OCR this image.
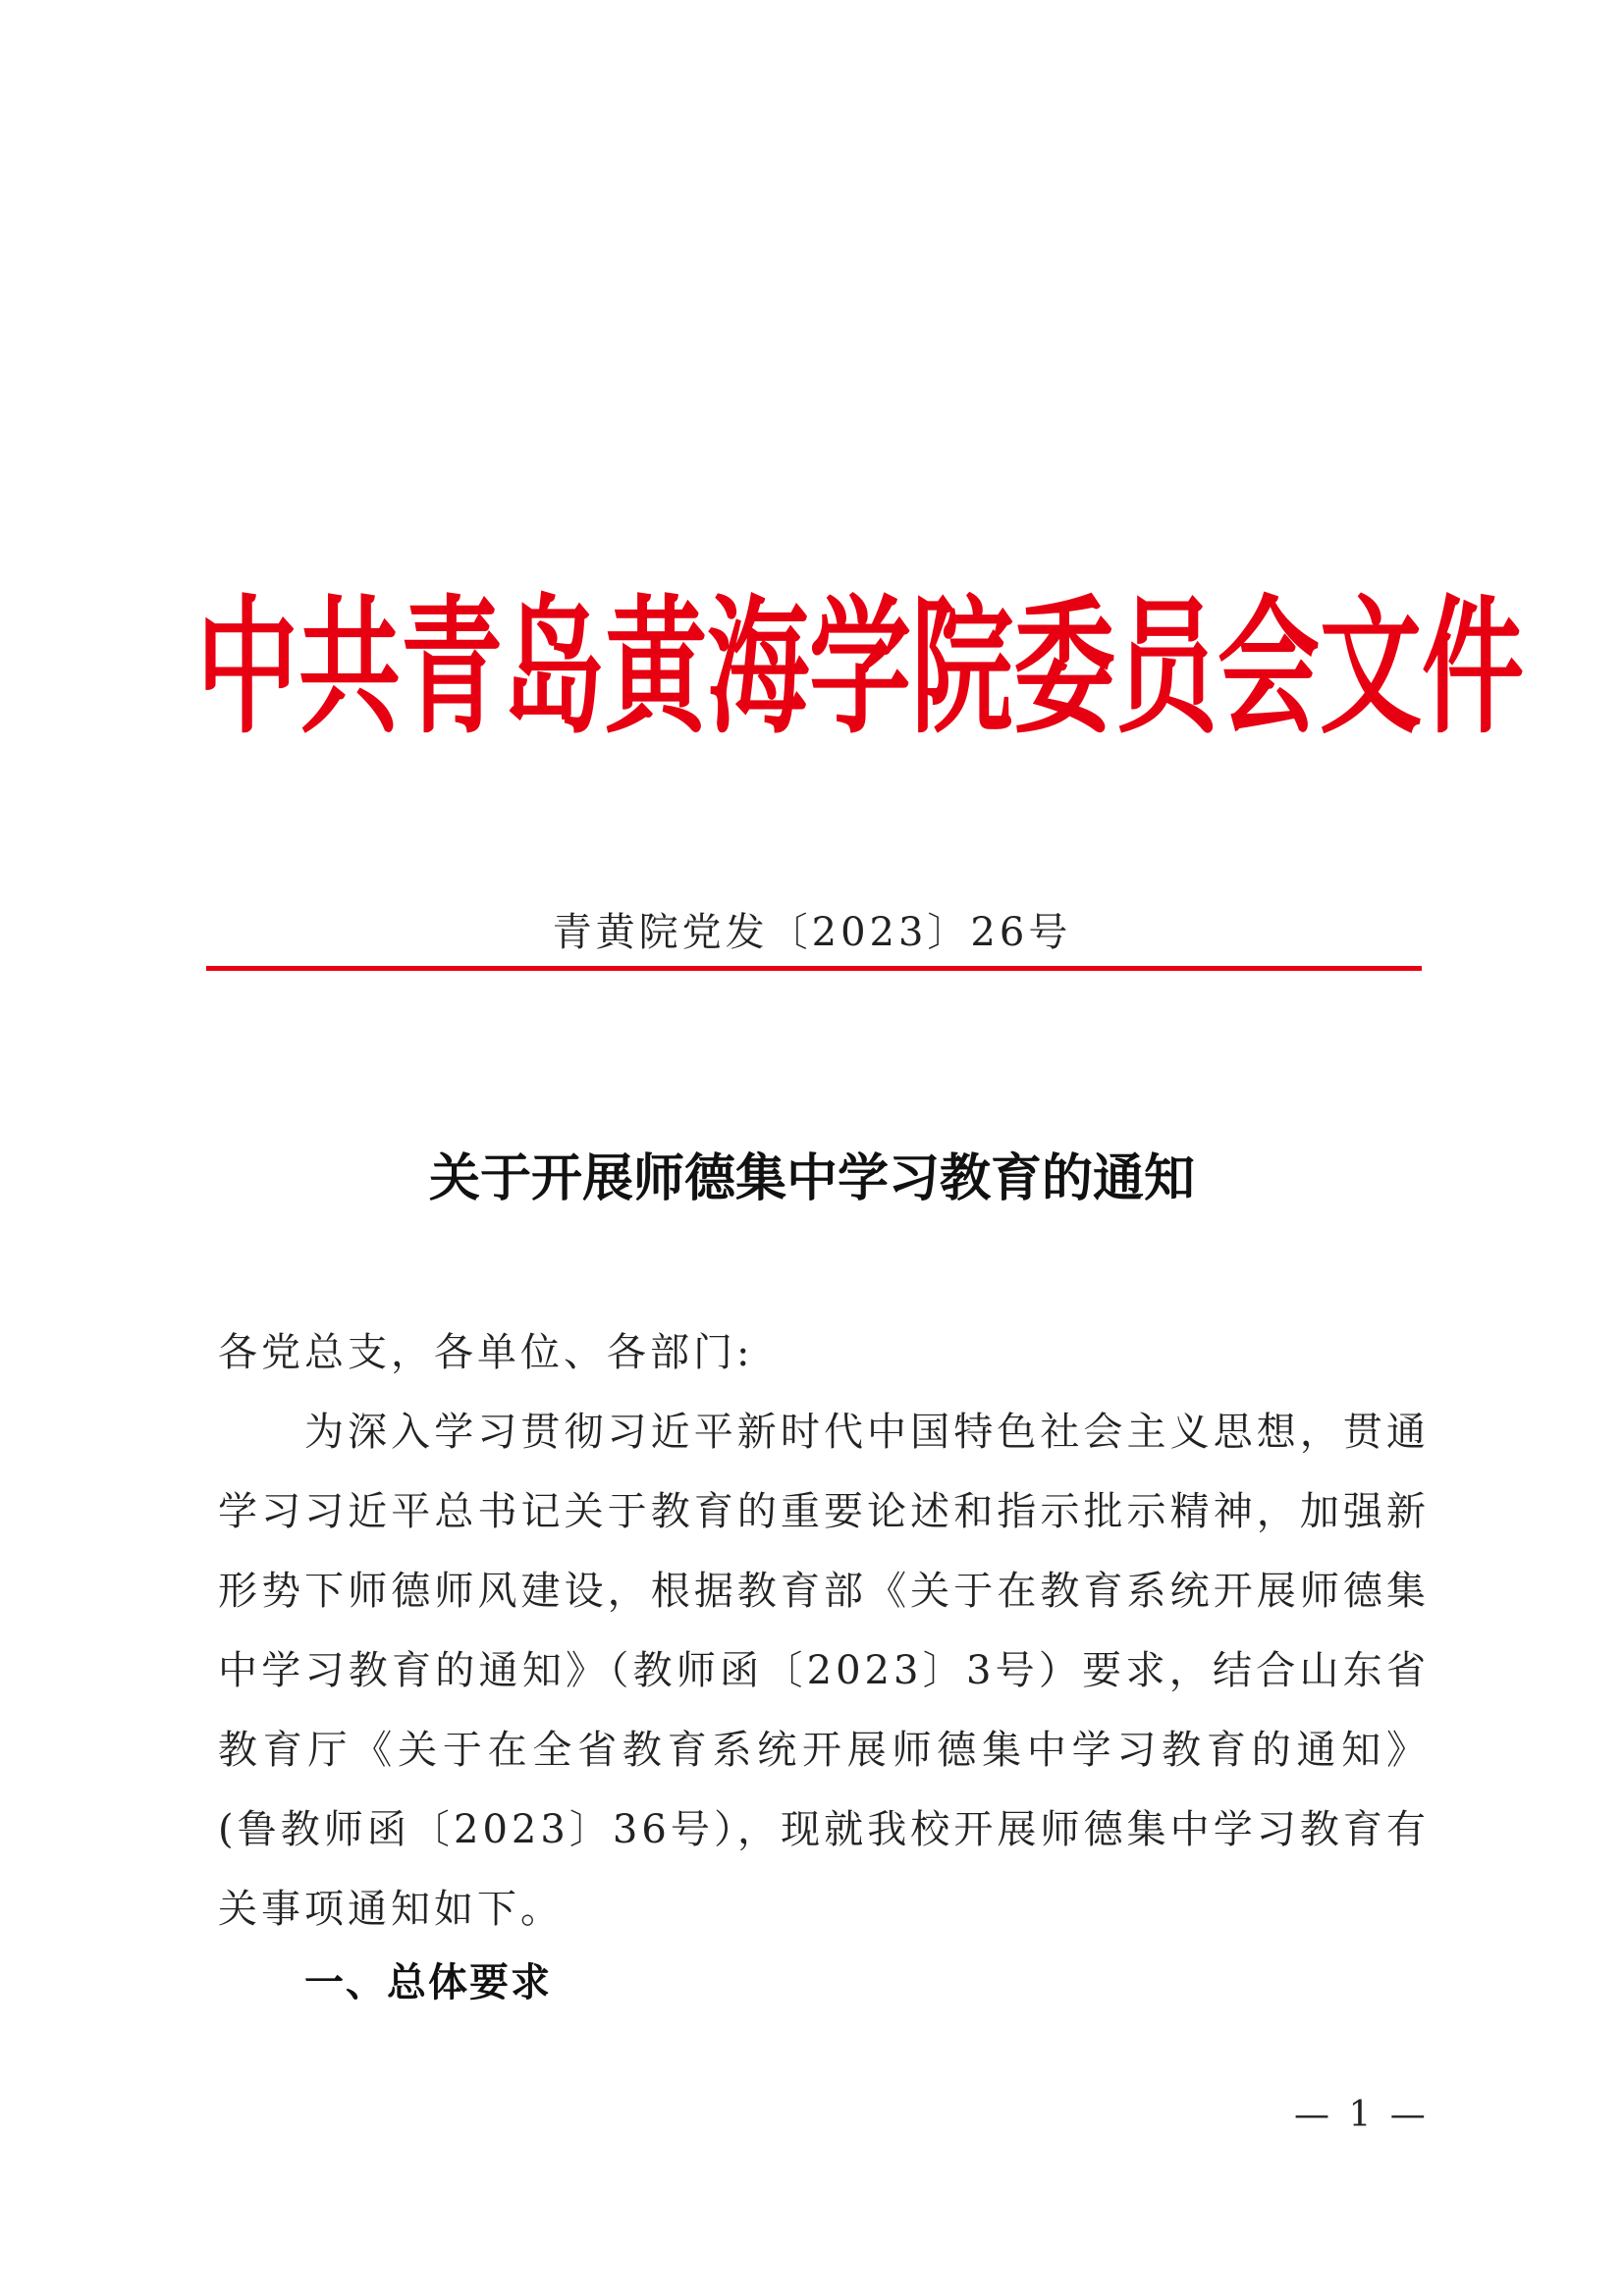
中共青岛黄海学院委员会文件
青黄院党发〔2023〕26号
关于开展师德集中学习教育的通知

各党总支，各单位、各部门:

为深入学习贯彻习近平新时代中国特色社会主义思想，贯通学习习近平总书记关于教育的重要论述和指示批示精神，加强新形势下师德师风建设，根据教育部《关于在教育系统开展师德集中学习教育的通知》（教师函〔2023〕3号）要求，结合山东省教育厅《关于在全省教育系统开展师德集中学习教育的通知》(鲁教师函〔2023〕36号），现就我校开展师德集中学习教育有关事项通知如下。

一、总体要求
— 1 —
